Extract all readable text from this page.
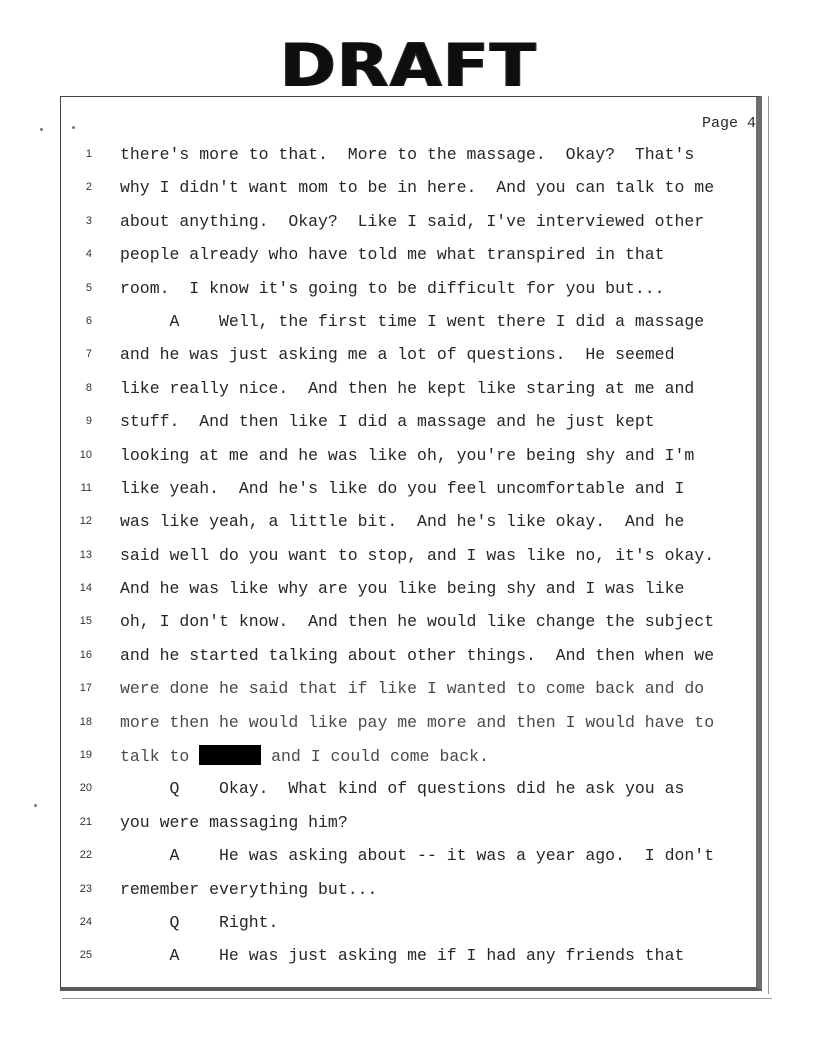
DRAFT
Page 4
1 there's more to that.  More to the massage.  Okay?  That's
2 why I didn't want mom to be in here.  And you can talk to me
3 about anything.  Okay?  Like I said, I've interviewed other
4 people already who have told me what transpired in that
5 room.  I know it's going to be difficult for you but...
6 A    Well, the first time I went there I did a massage
7 and he was just asking me a lot of questions.  He seemed
8 like really nice.  And then he kept like staring at me and
9 stuff.  And then like I did a massage and he just kept
10 looking at me and he was like oh, you're being shy and I'm
11 like yeah.  And he's like do you feel uncomfortable and I
12 was like yeah, a little bit.  And he's like okay.  And he
13 said well do you want to stop, and I was like no, it's okay.
14 And he was like why are you like being shy and I was like
15 oh, I don't know.  And then he would like change the subject
16 and he started talking about other things.  And then when we
17 were done he said that if like I wanted to come back and do
18 more then he would like pay me more and then I would have to
19 talk to	and I could come back.
20 Q    Okay.  What kind of questions did he ask you as
21 you were massaging him?
22 A    He was asking about -- it was a year ago.  I don't
23 remember everything but...
24 Q    Right.
25 A    He was just asking me if I had any friends that
